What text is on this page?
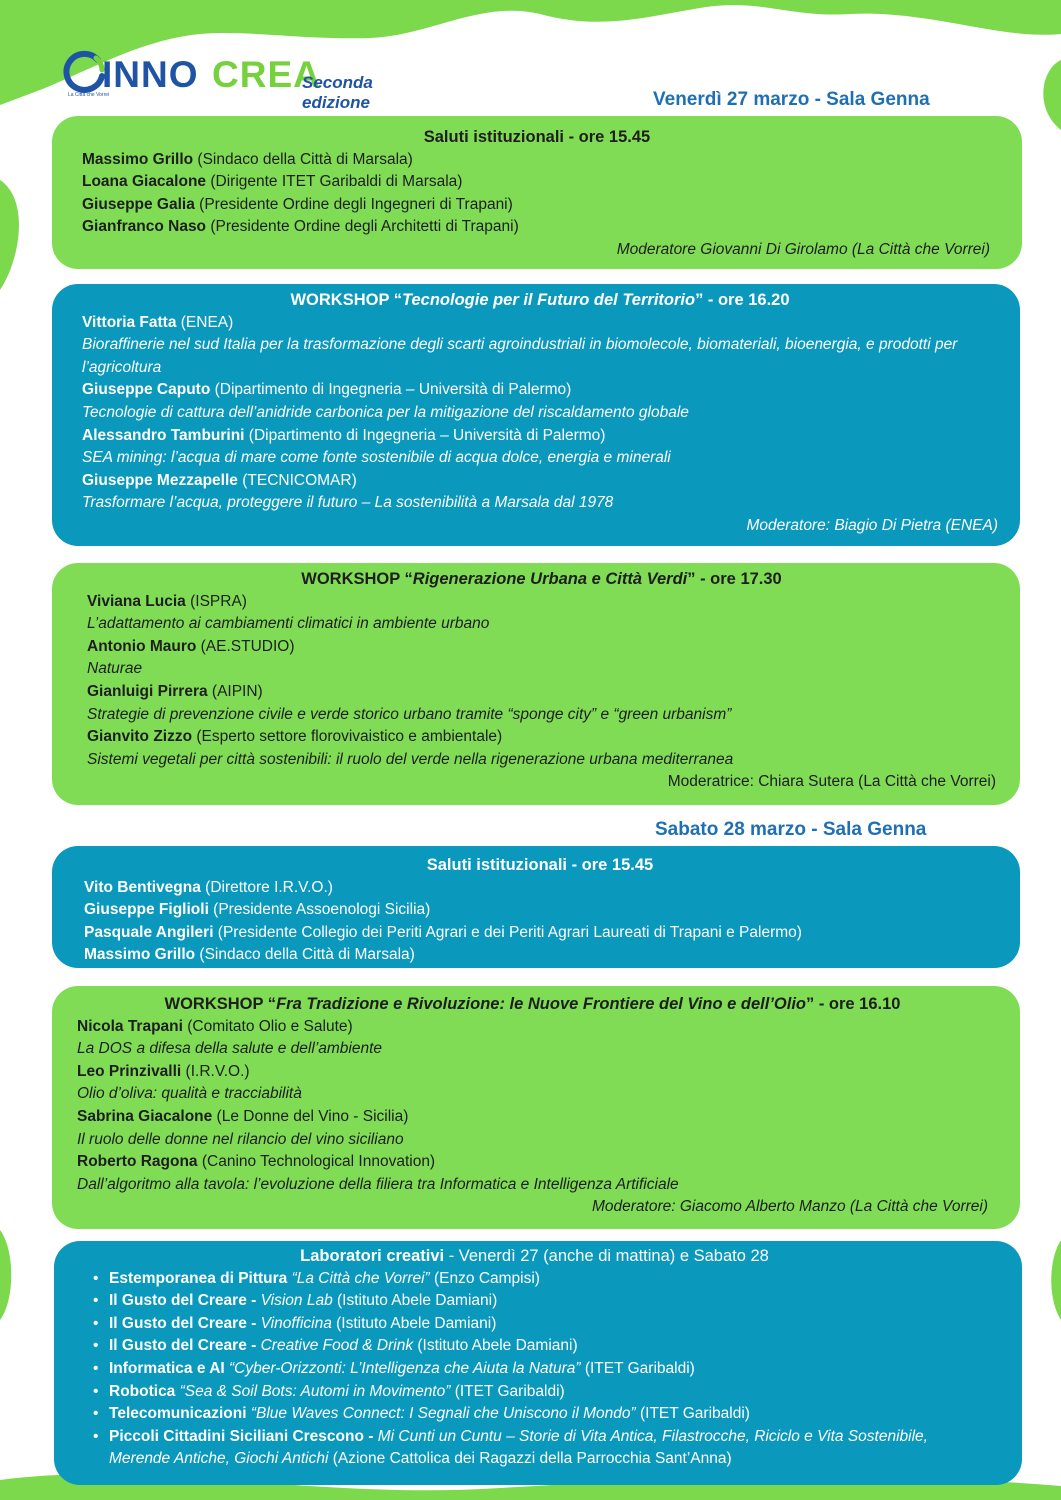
La Città che Vorrei
INNO CREA
Seconda edizione	Venerdì 27 marzo - Sala Genna
Saluti istituzionali - ore 15.45
Massimo Grillo (Sindaco della Città di Marsala)
Loana Giacalone (Dirigente ITET Garibaldi di Marsala)
Giuseppe Galia (Presidente Ordine degli Ingegneri di Trapani)
Gianfranco Naso (Presidente Ordine degli Architetti di Trapani)
Moderatore Giovanni Di Girolamo (La Città che Vorrei)
WORKSHOP “Tecnologie per il Futuro del Territorio” - ore 16.20
Vittoria Fatta (ENEA)
Bioraffinerie nel sud Italia per la trasformazione degli scarti agroindustriali in biomolecole, biomateriali, bioenergia, e prodotti per l’agricoltura
Giuseppe Caputo (Dipartimento di Ingegneria – Università di Palermo)
Tecnologie di cattura dell’anidride carbonica per la mitigazione del riscaldamento globale
Alessandro Tamburini (Dipartimento di Ingegneria – Università di Palermo)
SEA mining: l’acqua di mare come fonte sostenibile di acqua dolce, energia e minerali
Giuseppe Mezzapelle (TECNICOMAR)
Trasformare l’acqua, proteggere il futuro – La sostenibilità a Marsala dal 1978
Moderatore: Biagio Di Pietra (ENEA)
WORKSHOP “Rigenerazione Urbana e Città Verdi” - ore 17.30
Viviana Lucia (ISPRA)
L’adattamento ai cambiamenti climatici in ambiente urbano
Antonio Mauro (AE.STUDIO)
Naturae
Gianluigi Pirrera (AIPIN)
Strategie di prevenzione civile e verde storico urbano tramite “sponge city” e “green urbanism”
Gianvito Zizzo (Esperto settore florovivaistico e ambientale)
Sistemi vegetali per città sostenibili: il ruolo del verde nella rigenerazione urbana mediterranea
Moderatrice: Chiara Sutera (La Città che Vorrei)
Sabato 28 marzo - Sala Genna
Saluti istituzionali - ore 15.45
Vito Bentivegna (Direttore I.R.V.O.)
Giuseppe Figlioli (Presidente Assoenologi Sicilia)
Pasquale Angileri (Presidente Collegio dei Periti Agrari e dei Periti Agrari Laureati di Trapani e Palermo)
Massimo Grillo (Sindaco della Città di Marsala)
WORKSHOP “Fra Tradizione e Rivoluzione: le Nuove Frontiere del Vino e dell’Olio” - ore 16.10
Nicola Trapani (Comitato Olio e Salute)
La DOS a difesa della salute e dell’ambiente
Leo Prinzivalli (I.R.V.O.)
Olio d’oliva: qualità e tracciabilità
Sabrina Giacalone (Le Donne del Vino - Sicilia)
Il ruolo delle donne nel rilancio del vino siciliano
Roberto Ragona (Canino Technological Innovation)
Dall’algoritmo alla tavola: l’evoluzione della filiera tra Informatica e Intelligenza Artificiale
Moderatore: Giacomo Alberto Manzo (La Città che Vorrei)
Laboratori creativi - Venerdì 27 (anche di mattina) e Sabato 28
• Estemporanea di Pittura “La Città che Vorrei” (Enzo Campisi)
• Il Gusto del Creare - Vision Lab (Istituto Abele Damiani)
• Il Gusto del Creare - Vinofficina (Istituto Abele Damiani)
• Il Gusto del Creare - Creative Food & Drink (Istituto Abele Damiani)
• Informatica e AI “Cyber-Orizzonti: L’Intelligenza che Aiuta la Natura” (ITET Garibaldi)
• Robotica “Sea & Soil Bots: Automi in Movimento” (ITET Garibaldi)
• Telecomunicazioni “Blue Waves Connect: I Segnali che Uniscono il Mondo” (ITET Garibaldi)
• Piccoli Cittadini Siciliani Crescono - Mi Cunti un Cuntu – Storie di Vita Antica, Filastrocche, Riciclo e Vita Sostenibile, Merende Antiche, Giochi Antichi (Azione Cattolica dei Ragazzi della Parrocchia Sant’Anna)
